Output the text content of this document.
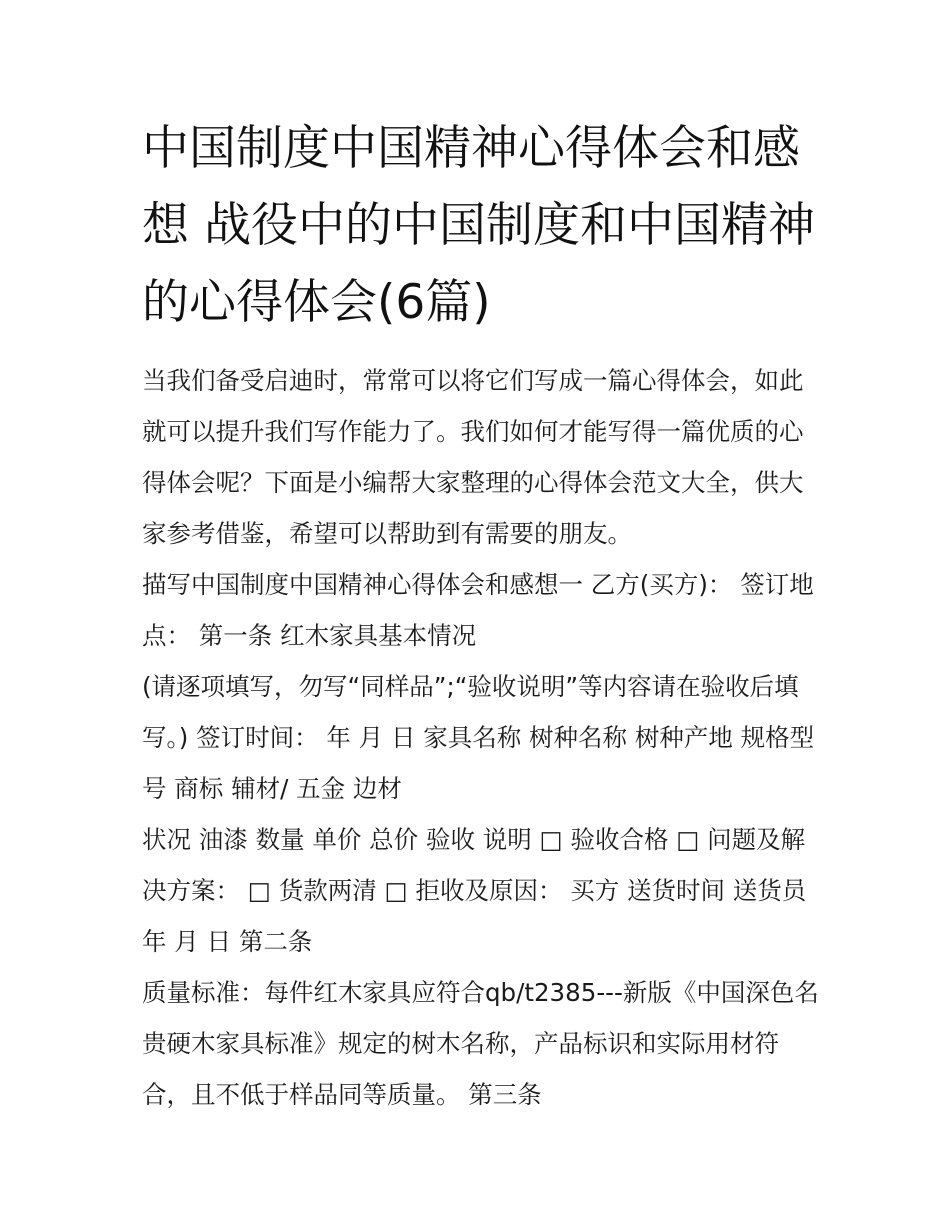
中国制度中国精神心得体会和感想 战役中的中国制度和中国精神的心得体会(6篇)

当我们备受启迪时，常常可以将它们写成一篇心得体会，如此就可以提升我们写作能力了。我们如何才能写得一篇优质的心得体会呢？下面是小编帮大家整理的心得体会范文大全，供大家参考借鉴，希望可以帮助到有需要的朋友。

描写中国制度中国精神心得体会和感想一 乙方(买方)： 签订地点： 第一条 红木家具基本情况

(请逐项填写，勿写“同样品”;“验收说明”等内容请在验收后填写。) 签订时间： 年 月 日 家具名称 树种名称 树种产地 规格型号 商标 辅材/ 五金 边材

状况 油漆 数量 单价 总价 验收 说明 □ 验收合格 □ 问题及解决方案： □ 货款两清 □ 拒收及原因： 买方 送货时间 送货员 年 月 日 第二条

质量标准：每件红木家具应符合qb/t2385---新版《中国深色名贵硬木家具标准》规定的树木名称，产品标识和实际用材符合，且不低于样品同等质量。 第三条
